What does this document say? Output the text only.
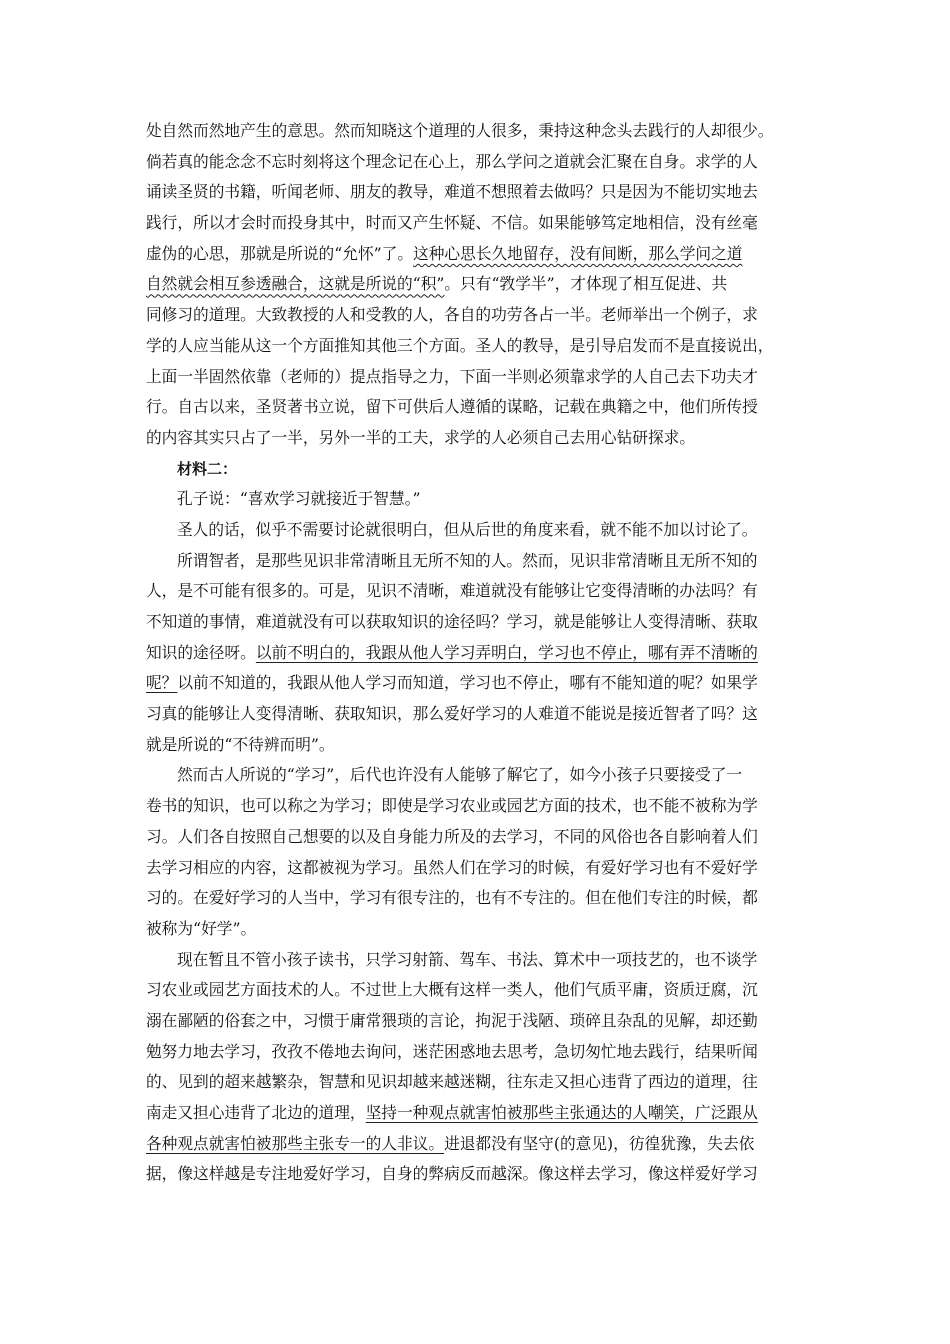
处自然而然地产生的意思。然而知晓这个道理的人很多，秉持这种念头去践行的人却很少。
倘若真的能念念不忘时刻将这个理念记在心上，那么学问之道就会汇聚在自身。求学的人
诵读圣贤的书籍，听闻老师、朋友的教导，难道不想照着去做吗？只是因为不能切实地去
践行，所以才会时而投身其中，时而又产生怀疑、不信。如果能够笃定地相信，没有丝毫
虚伪的心思，那就是所说的“允怀”了。这种心思长久地留存，没有间断，那么学问之道
自然就会相互参透融合，这就是所说的“积”。只有“敩学半”，才体现了相互促进、共
同修习的道理。大致教授的人和受教的人，各自的功劳各占一半。老师举出一个例子，求
学的人应当能从这一个方面推知其他三个方面。圣人的教导，是引导启发而不是直接说出，
上面一半固然依靠（老师的）提点指导之力，下面一半则必须靠求学的人自己去下功夫才
行。自古以来，圣贤著书立说，留下可供后人遵循的谋略，记载在典籍之中，他们所传授
的内容其实只占了一半，另外一半的工夫，求学的人必须自己去用心钻研探求。
材料二：
孔子说：“喜欢学习就接近于智慧。”
圣人的话，似乎不需要讨论就很明白，但从后世的角度来看，就不能不加以讨论了。
所谓智者，是那些见识非常清晰且无所不知的人。然而，见识非常清晰且无所不知的
人，是不可能有很多的。可是，见识不清晰，难道就没有能够让它变得清晰的办法吗？有
不知道的事情，难道就没有可以获取知识的途径吗？学习，就是能够让人变得清晰、获取
知识的途径呀。以前不明白的，我跟从他人学习弄明白，学习也不停止，哪有弄不清晰的
呢？以前不知道的，我跟从他人学习而知道，学习也不停止，哪有不能知道的呢？如果学
习真的能够让人变得清晰、获取知识，那么爱好学习的人难道不能说是接近智者了吗？这
就是所说的“不待辨而明”。
然而古人所说的“学习”，后代也许没有人能够了解它了，如今小孩子只要接受了一
卷书的知识，也可以称之为学习；即使是学习农业或园艺方面的技术，也不能不被称为学
习。人们各自按照自己想要的以及自身能力所及的去学习，不同的风俗也各自影响着人们
去学习相应的内容，这都被视为学习。虽然人们在学习的时候，有爱好学习也有不爱好学
习的。在爱好学习的人当中，学习有很专注的，也有不专注的。但在他们专注的时候，都
被称为“好学”。
现在暂且不管小孩子读书，只学习射箭、驾车、书法、算术中一项技艺的，也不谈学
习农业或园艺方面技术的人。不过世上大概有这样一类人，他们气质平庸，资质迂腐，沉
溺在鄙陋的俗套之中，习惯于庸常猥琐的言论，拘泥于浅陋、琐碎且杂乱的见解，却还勤
勉努力地去学习，孜孜不倦地去询问，迷茫困惑地去思考，急切匆忙地去践行，结果听闻
的、见到的超来越繁杂，智慧和见识却越来越迷糊，往东走又担心违背了西边的道理，往
南走又担心违背了北边的道理，坚持一种观点就害怕被那些主张通达的人嘲笑，广泛跟从
各种观点就害怕被那些主张专一的人非议。进退都没有坚守(的意见)，彷徨犹豫，失去依
据，像这样越是专注地爱好学习，自身的弊病反而越深。像这样去学习，像这样爱好学习
